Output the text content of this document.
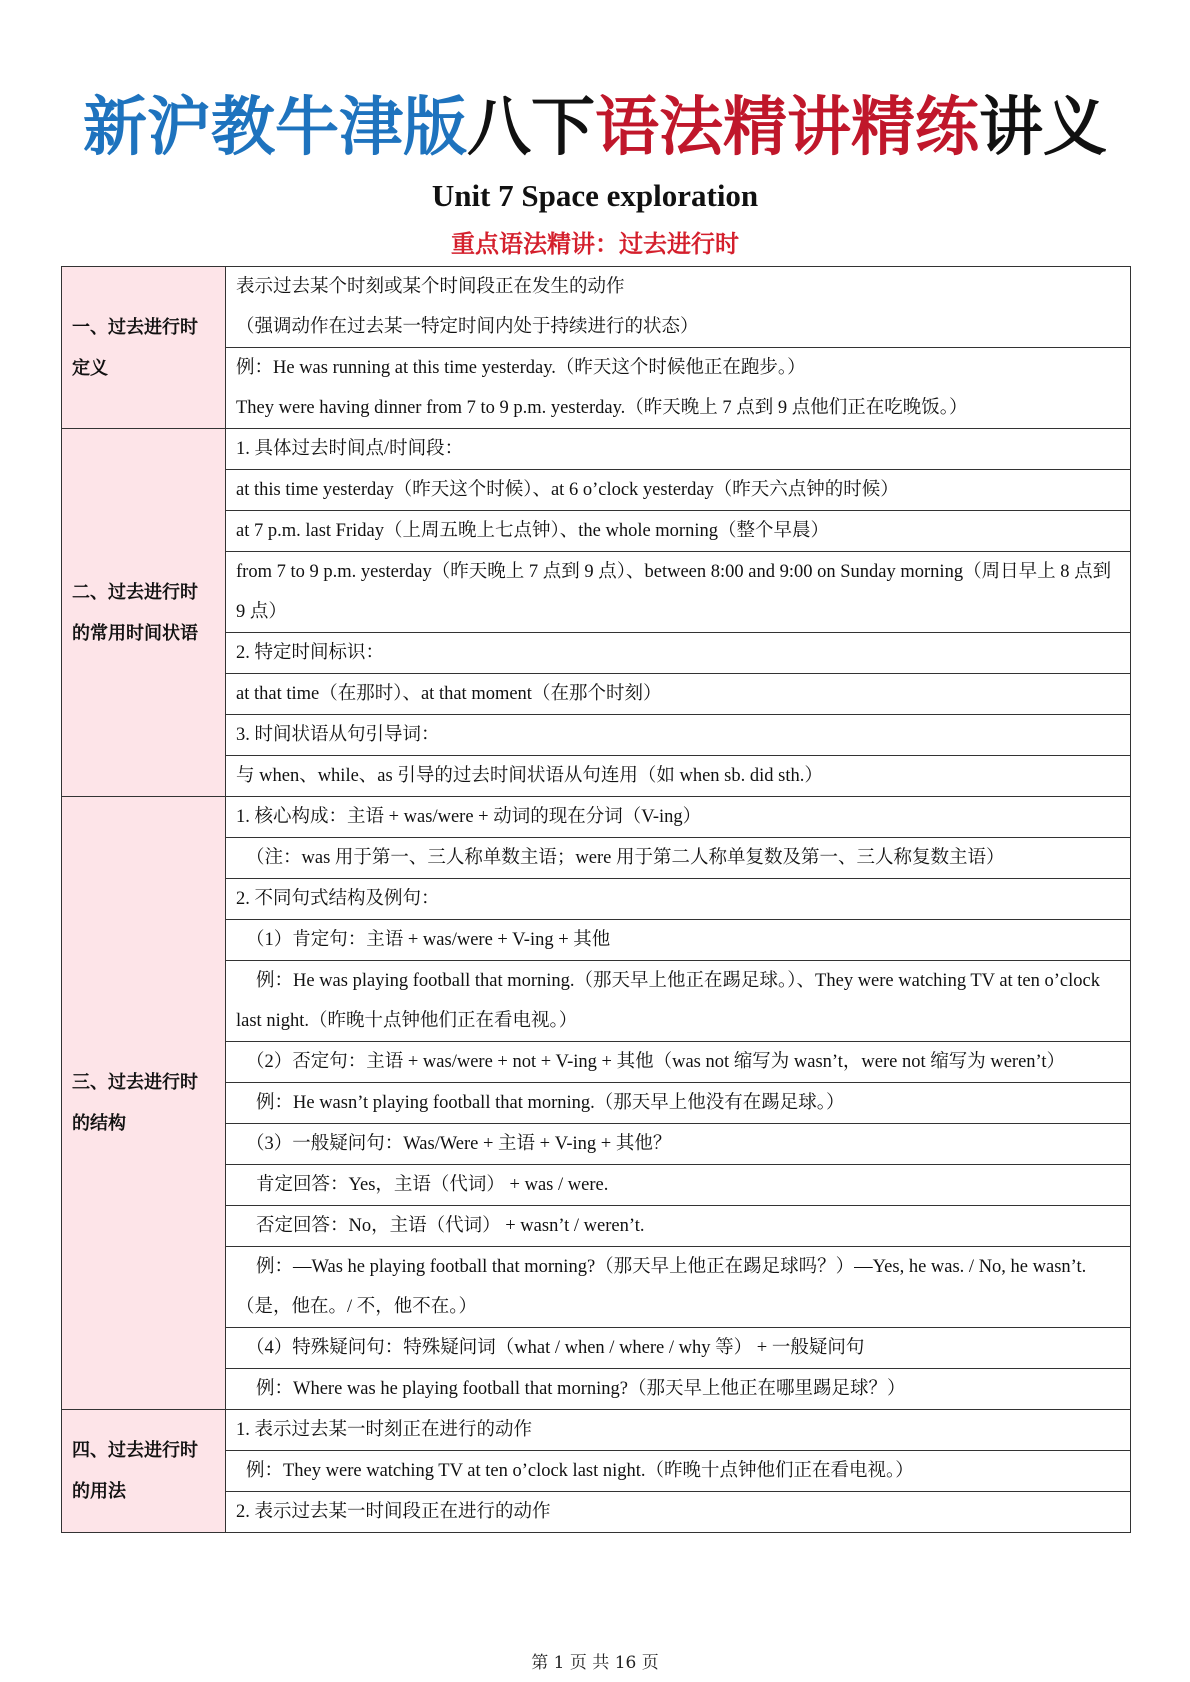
新沪教牛津版八下语法精讲精练讲义
Unit 7 Space exploration
重点语法精讲：过去进行时
一、过去进行时定义	表示过去某个时刻或某个时间段正在发生的动作
（强调动作在过去某一特定时间内处于持续进行的状态）

	例：He was running at this time yesterday.（昨天这个时候他正在跑步。）
They were having dinner from 7 to 9 p.m. yesterday.（昨天晚上 7 点到 9 点他们正在吃晚饭。）

二、过去进行时的常用时间状语	1. 具体过去时间点/时间段：
	at this time yesterday（昨天这个时候）、at 6 o’clock yesterday（昨天六点钟的时候）
	at 7 p.m. last Friday（上周五晚上七点钟）、the whole morning（整个早晨）
	from 7 to 9 p.m. yesterday（昨天晚上 7 点到 9 点）、between 8:00 and 9:00 on Sunday morning（周日早上 8 点到 9 点）
	2. 特定时间标识：
	at that time（在那时）、at that moment（在那个时刻）
	3. 时间状语从句引导词：
	与 when、while、as 引导的过去时间状语从句连用（如 when sb. did sth.）
三、过去进行时的结构	1. 核心构成：主语 + was/were + 动词的现在分词（V-ing）

	（注：was 用于第一、三人称单数主语；were 用于第二人称单复数及第一、三人称复数主语）

	2. 不同句式结构及例句：

	（1）肯定句：主语 + was/were + V-ing + 其他

	例：He was playing football that morning.（那天早上他正在踢足球。）、They were watching TV at ten o’clock last night.（昨晚十点钟他们正在看电视。）
	（2）否定句：主语 + was/were + not + V-ing + 其他（was not 缩写为 wasn’t，were not 缩写为 weren’t）

	例：He wasn’t playing football that morning.（那天早上他没有在踢足球。）

	（3）一般疑问句：Was/Were + 主语 + V-ing + 其他？

	肯定回答：Yes，主语（代词） + was / were.

	否定回答：No，主语（代词） + wasn’t / weren’t.

	例：—Was he playing football that morning?（那天早上他正在踢足球吗？）—Yes, he was. / No, he wasn’t.（是，他在。/ 不，他不在。）

	（4）特殊疑问句：特殊疑问词（what / when / where / why 等） + 一般疑问句

	例：Where was he playing football that morning?（那天早上他正在哪里踢足球？）

四、过去进行时的用法	1. 表示过去某一时刻正在进行的动作

	例：They were watching TV at ten o’clock last night.（昨晚十点钟他们正在看电视。）

	2. 表示过去某一时间段正在进行的动作
第 1 页 共 16 页
